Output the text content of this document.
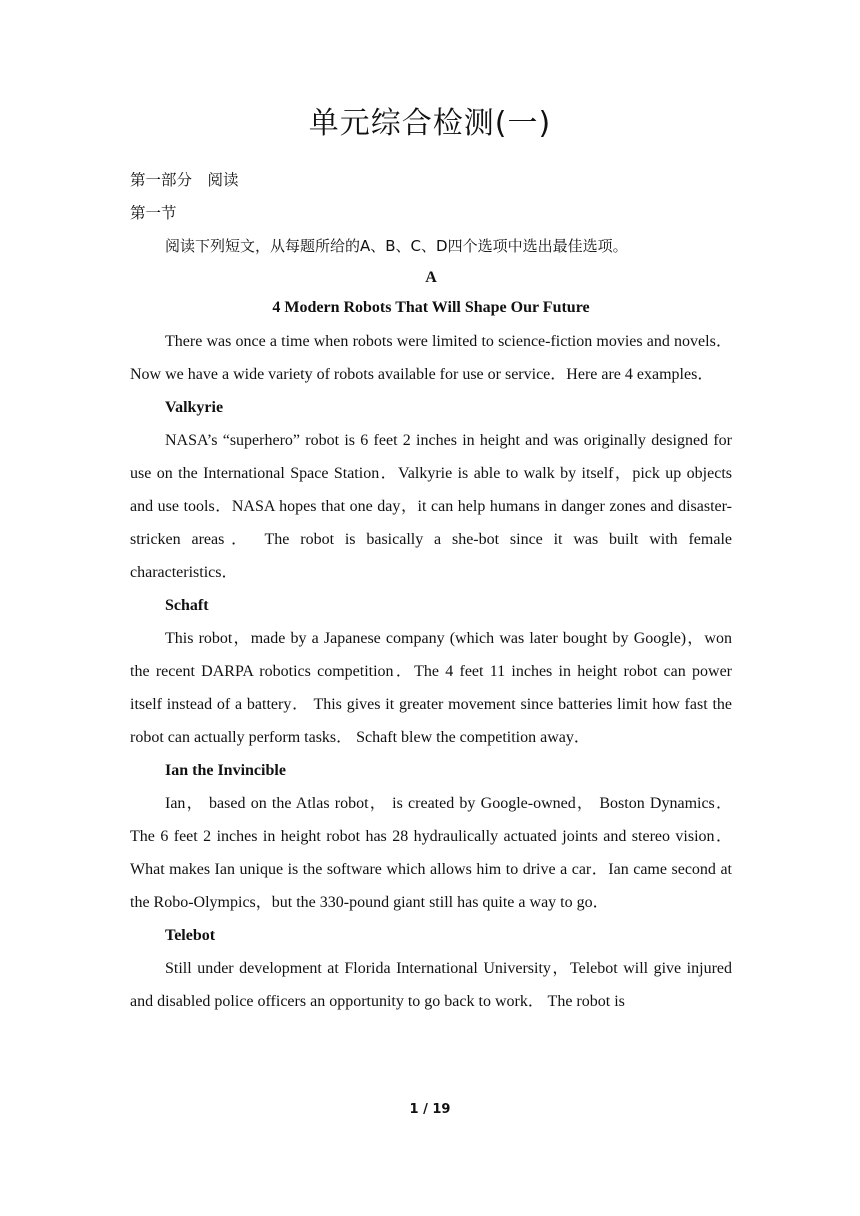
单元综合检测(一)

第一部分　阅读

第一节

阅读下列短文，从每题所给的A、B、C、D四个选项中选出最佳选项。

A

4 Modern Robots That Will Shape Our Future

There was once a time when robots were limited to science-fiction movies and novels．Now we have a wide variety of robots available for use or service．Here are 4 examples．

Valkyrie

NASA’s “superhero” robot is 6 feet 2 inches in height and was originally designed for use on the International Space Station．Valkyrie is able to walk by itself，pick up objects and use tools．NASA hopes that one day，it can help humans in danger zones and disaster-stricken areas． The robot is basically a she-bot since it was built with female characteristics．

Schaft

This robot，made by a Japanese company (which was later bought by Google)，won the recent DARPA robotics competition．The 4 feet 11 inches in height robot can power itself instead of a battery． This gives it greater movement since batteries limit how fast the robot can actually perform tasks． Schaft blew the competition away．

Ian the Invincible

Ian， based on the Atlas robot， is created by Google-owned， Boston Dynamics．The 6 feet 2 inches in height robot has 28 hydraulically actuated joints and stereo vision． What makes Ian unique is the software which allows him to drive a car．Ian came second at the Robo-Olympics，but the 330-pound giant still has quite a way to go．

Telebot

Still under development at Florida International University，Telebot will give injured and disabled police officers an opportunity to go back to work． The robot is

1 / 19
